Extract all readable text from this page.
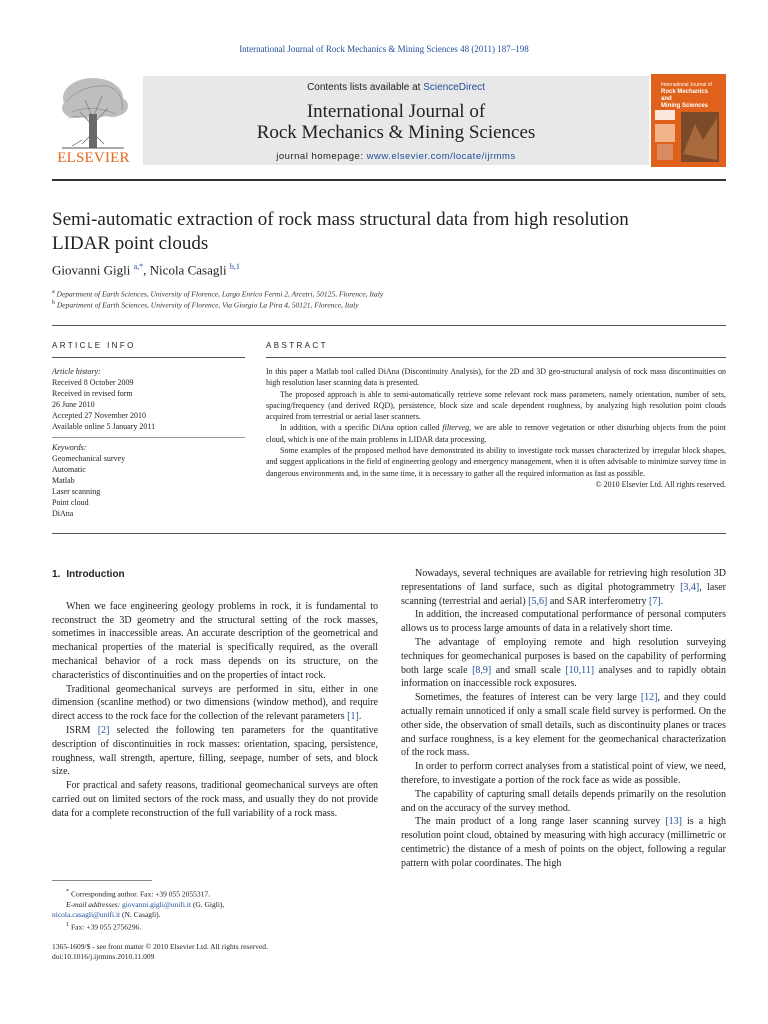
International Journal of Rock Mechanics & Mining Sciences 48 (2011) 187–198
ELSEVIER
Contents lists available at ScienceDirect
International Journal of
Rock Mechanics & Mining Sciences
journal homepage: www.elsevier.com/locate/ijrmms
International Journal of
Rock Mechanics
and
Mining Sciences
Semi-automatic extraction of rock mass structural data from high resolution
LIDAR point clouds
Giovanni Gigli $^{a,*}$, Nicola Casagli $^{b,1}$
$^a$ Department of Earth Sciences, University of Florence, Largo Enrico Fermi 2, Arcetri, 50125, Florence, Italy
$^b$ Department of Earth Sciences, University of Florence, Via Giorgio La Pira 4, 50121, Florence, Italy
ARTICLE INFO	ABSTRACT
Article history:
Received 8 October 2009
Received in revised form
26 June 2010
Accepted 27 November 2010
Available online 5 January 2011
Keywords:
Geomechanical survey
Automatic
Matlab
Laser scanning
Point cloud
DiAna

In this paper a Matlab tool called DiAna (Discontinuity Analysis), for the 2D and 3D geo-structural analysis of rock mass discontinuities on high resolution laser scanning data is presented.

The proposed approach is able to semi-automatically retrieve some relevant rock mass parameters, namely orientation, number of sets, spacing/frequency (and derived RQD), persistence, block size and scale dependent roughness, by analyzing high resolution point clouds acquired from terrestrial or aerial laser scanners.

In addition, with a specific DiAna option called filterveg, we are able to remove vegetation or other disturbing objects from the point cloud, which is one of the main problems in LIDAR data processing.

Some examples of the proposed method have demonstrated its ability to investigate rock masses characterized by irregular block shapes, and suggest applications in the field of engineering geology and emergency management, when it is often advisable to minimize survey time in dangerous environments and, in the same time, it is necessary to gather all the required information as fast as possible.

© 2010 Elsevier Ltd. All rights reserved.
1. Introduction

When we face engineering geology problems in rock, it is fundamental to reconstruct the 3D geometry and the structural setting of the rock masses, sometimes in inaccessible areas. An accurate description of the geometrical and mechanical properties of the material is specifically required, as the overall mechanical behavior of a rock mass depends on its structure, on the characteristics of discontinuities and on the properties of intact rock.

Traditional geomechanical surveys are performed in situ, either in one dimension (scanline method) or two dimensions (window method), and require direct access to the rock face for the collection of the relevant parameters [1].

ISRM [2] selected the following ten parameters for the quantitative description of discontinuities in rock masses: orientation, spacing, persistence, roughness, wall strength, aperture, filling, seepage, number of sets, and block size.

For practical and safety reasons, traditional geomechanical surveys are often carried out on limited sectors of the rock mass, and usually they do not provide data for a complete reconstruction of the full variability of a rock mass.

Nowadays, several techniques are available for retrieving high resolution 3D representations of land surface, such as digital photogrammetry [3,4], laser scanning (terrestrial and aerial) [5,6] and SAR interferometry [7].

In addition, the increased computational performance of personal computers allows us to process large amounts of data in a relatively short time.

The advantage of employing remote and high resolution surveying techniques for geomechanical purposes is based on the capability of performing both large scale [8,9] and small scale [10,11] analyses and to rapidly obtain information on inaccessible rock exposures.

Sometimes, the features of interest can be very large [12], and they could actually remain unnoticed if only a small scale field survey is performed. On the other side, the observation of small details, such as discontinuity planes or traces and surface roughness, is a key element for the geomechanical characterization of the rock mass.

In order to perform correct analyses from a statistical point of view, we need, therefore, to investigate a portion of the rock face as wide as possible.

The capability of capturing small details depends primarily on the resolution and on the accuracy of the survey method.

The main product of a long range laser scanning survey [13] is a high resolution point cloud, obtained by measuring with high accuracy (millimetric or centimetric) the distance of a mesh of points on the object, following a regular pattern with polar coordinates. The high

* Corresponding author. Fax: +39 055 2055317.

E-mail addresses: giovanni.gigli@unifi.it (G. Gigli),

nicola.casagli@unifi.it (N. Casagli).

$^1$ Fax: +39 055 2756296.

1365-1609/$ - see front matter © 2010 Elsevier Ltd. All rights reserved.

doi:10.1016/j.ijrmms.2010.11.009
